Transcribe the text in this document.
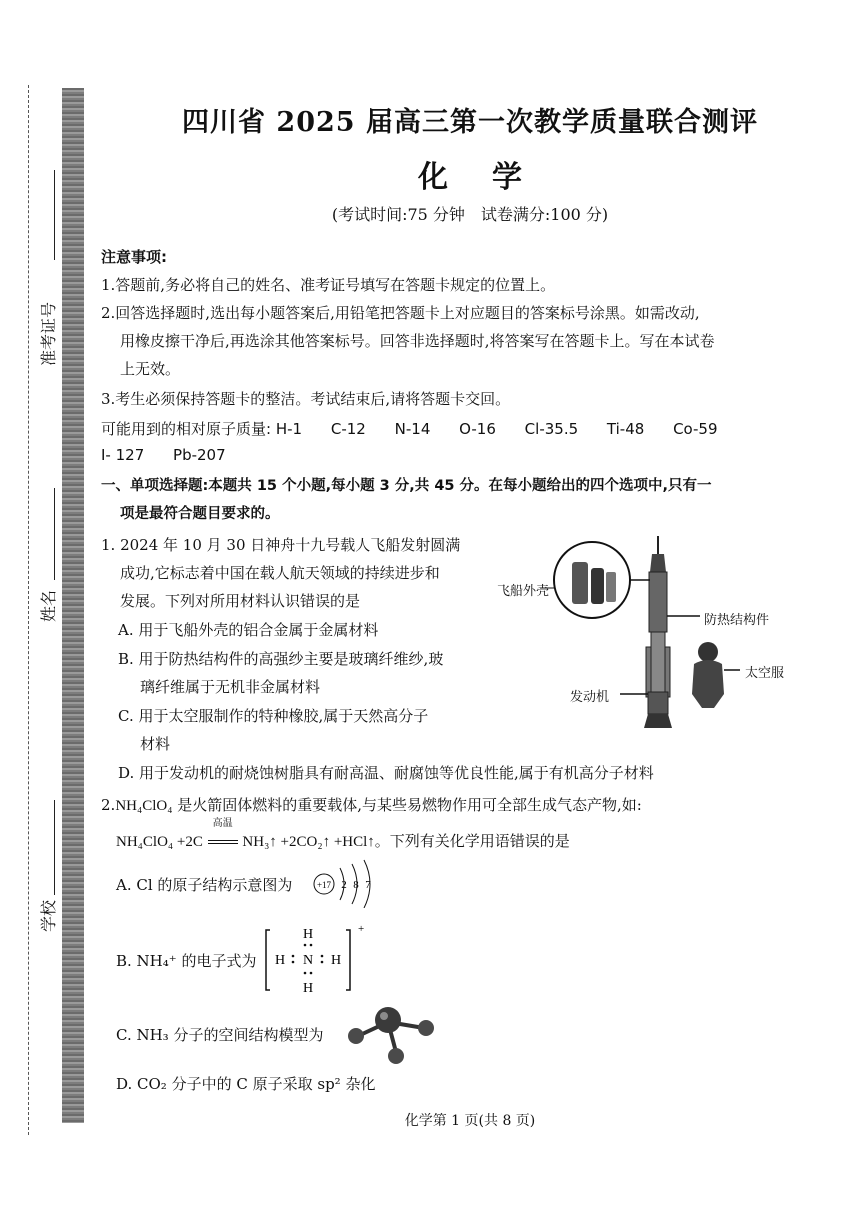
准考证号
姓名
学校
四川省 2025 届高三第一次教学质量联合测评
化学
(考试时间:75 分钟　试卷满分:100 分)
注意事项:
1.答题前,务必将自己的姓名、准考证号填写在答题卡规定的位置上。
2.回答选择题时,选出每小题答案后,用铅笔把答题卡上对应题目的答案标号涂黑。如需改动,
用橡皮擦干净后,再选涂其他答案标号。回答非选择题时,将答案写在答题卡上。写在本试卷
上无效。
3.考生必须保持答题卡的整洁。考试结束后,请将答题卡交回。
可能用到的相对原子质量: H-1 C-12 N-14 O-16 Cl-35.5 Ti-48 Co-59
I- 127 Pb-207
一、单项选择题:本题共 15 个小题,每小题 3 分,共 45 分。在每小题给出的四个选项中,只有一
项是最符合题目要求的。
1. 2024 年 10 月 30 日神舟十九号载人飞船发射圆满
成功,它标志着中国在载人航天领域的持续进步和
发展。下列对所用材料认识错误的是
A. 用于飞船外壳的铝合金属于金属材料
B. 用于防热结构件的高强纱主要是玻璃纤维纱,玻
璃纤维属于无机非金属材料
C. 用于太空服制作的特种橡胶,属于天然高分子
材料
D. 用于发动机的耐烧蚀树脂具有耐高温、耐腐蚀等优良性能,属于有机高分子材料
飞船外壳
防热结构件
太空服
发动机
2.NH₄ClO₄ 是火箭固体燃料的重要载体,与某些易燃物作用可全部生成气态产物,如:
NH₄ClO₄ +2C
高温
NH₃↑ +2CO₂↑ +HCl↑。下列有关化学用语错误的是
A. Cl 的原子结构示意图为	+17 2 8 7
B. NH₄⁺ 的电子式为
H
H N H
H
+
C. NH₃ 分子的空间结构模型为
D. CO₂ 分子中的 C 原子采取 sp² 杂化
化学第 1 页(共 8 页)
